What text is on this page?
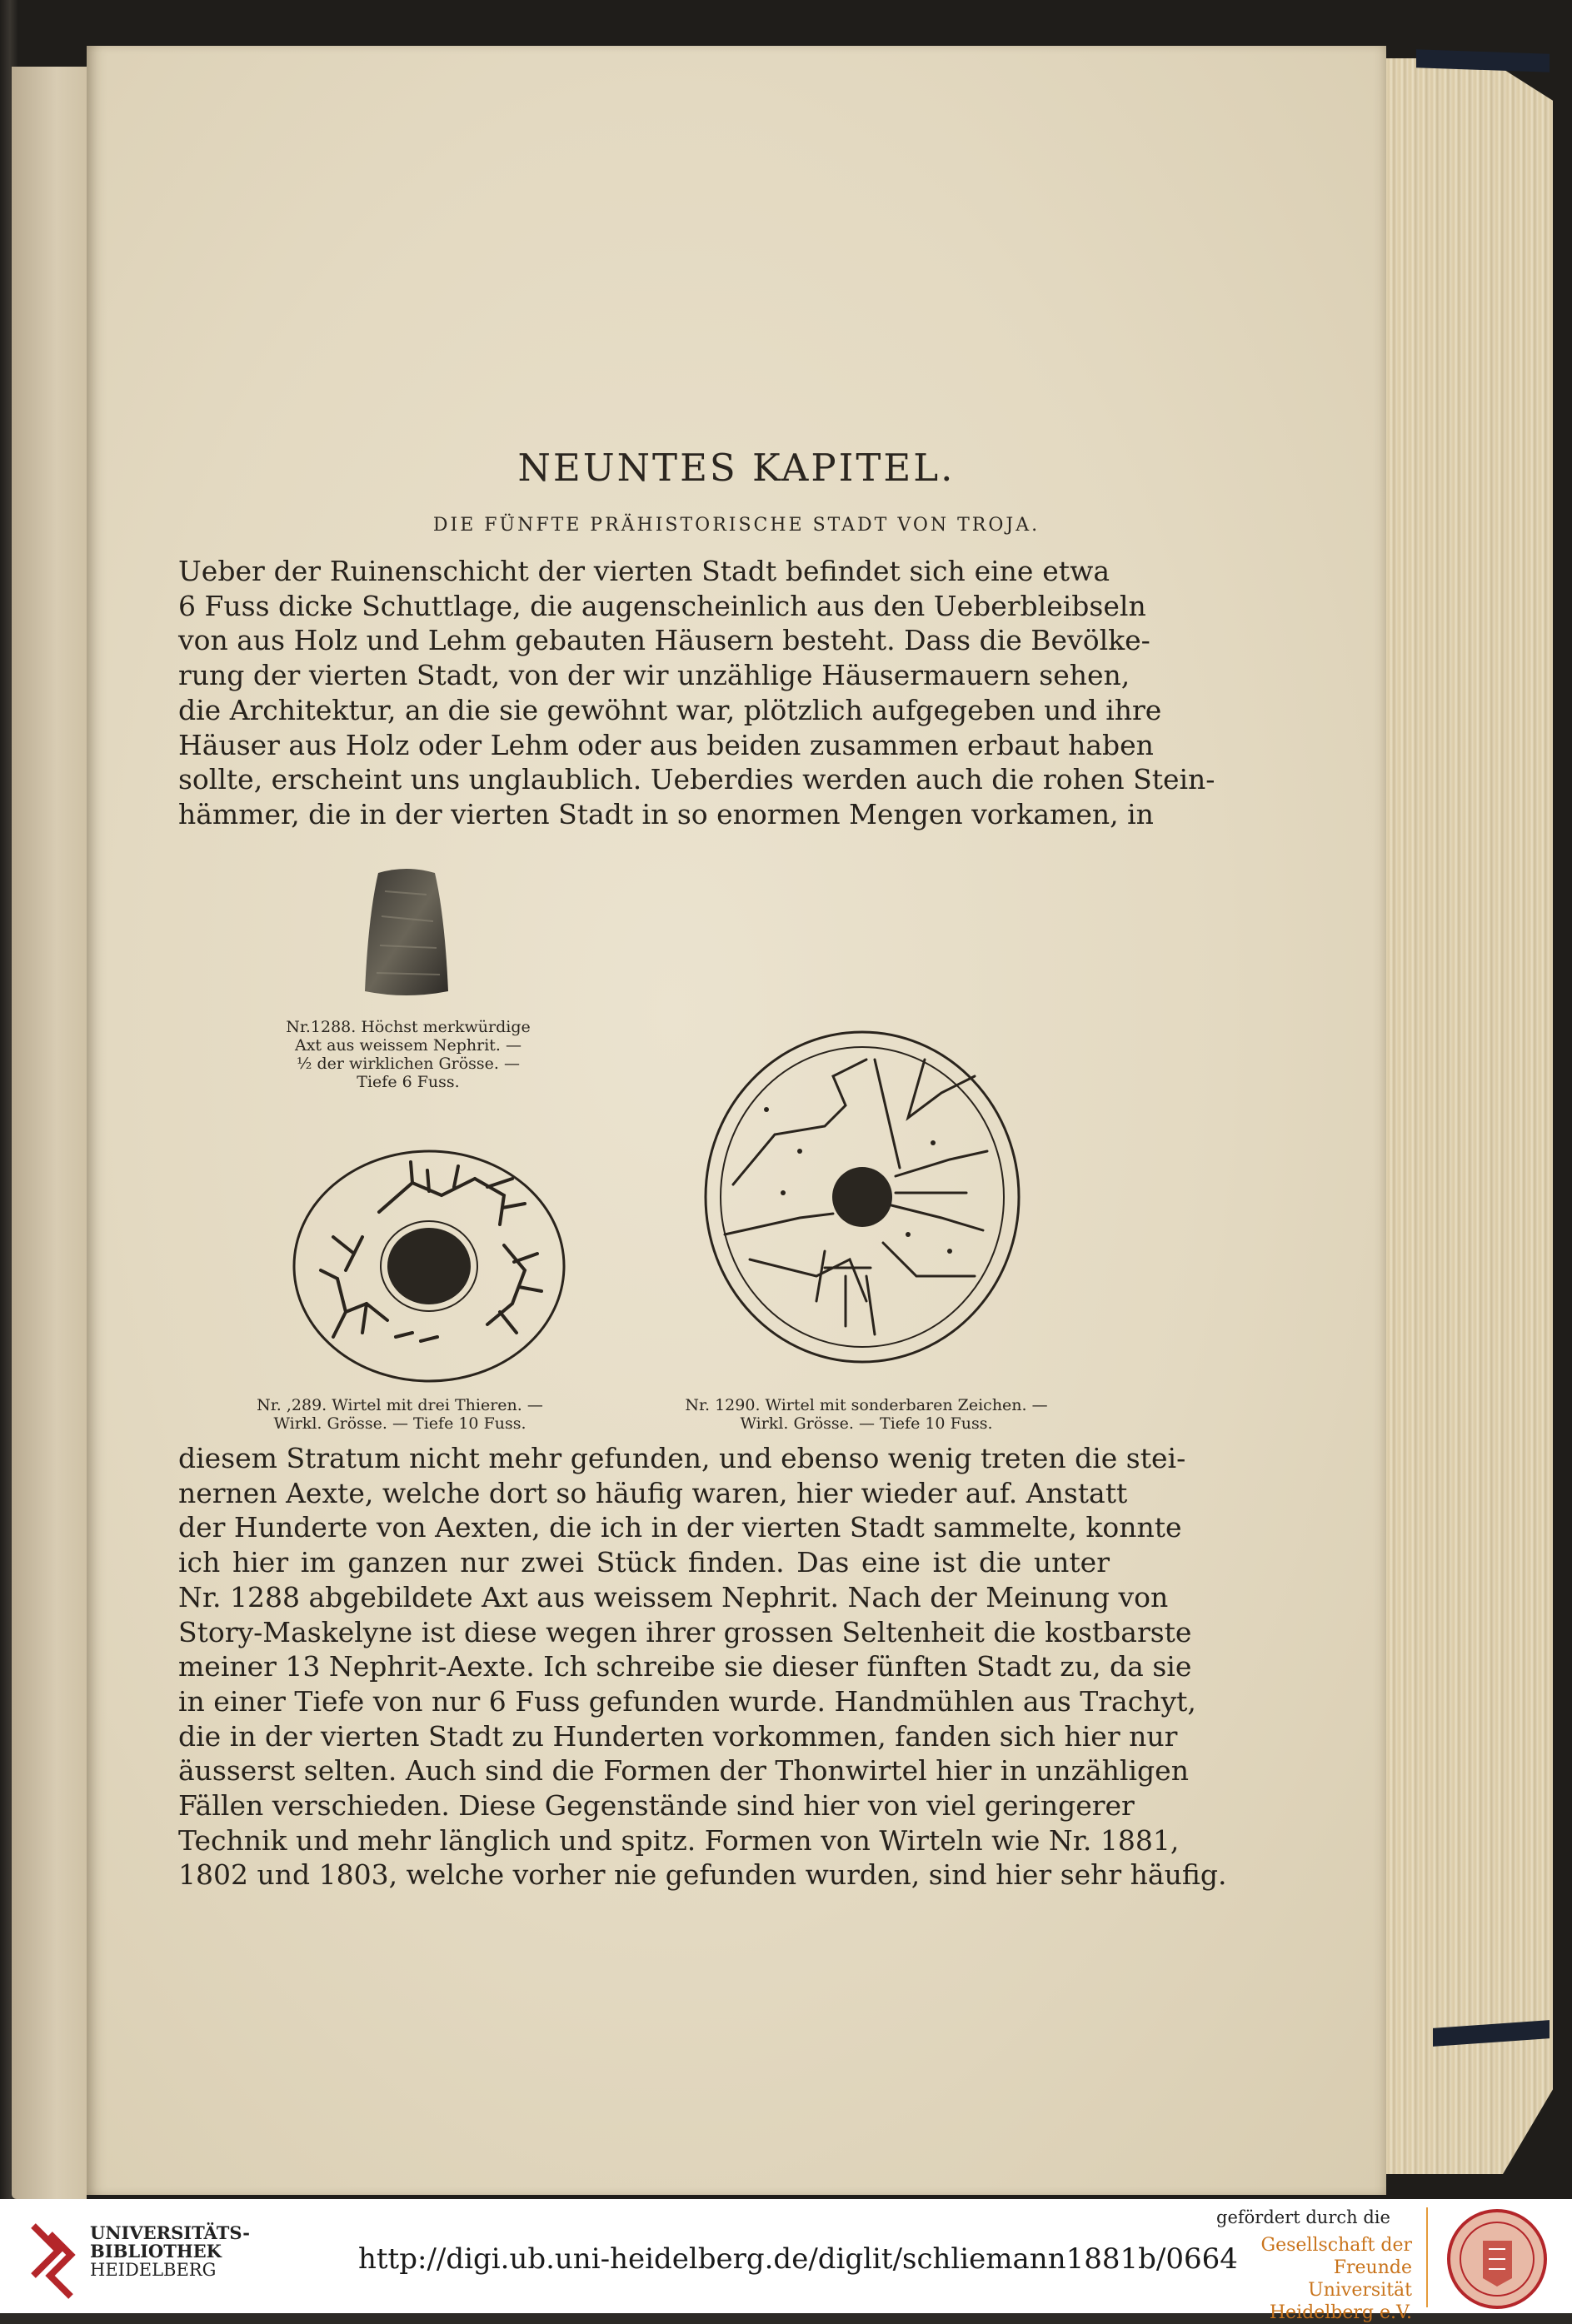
NEUNTES KAPITEL.
DIE FÜNFTE PRÄHISTORISCHE STADT VON TROJA.
Ueber der Ruinenschicht der vierten Stadt befindet sich eine etwa
6 Fuss dicke Schuttlage, die augenscheinlich aus den Ueberbleibseln
von aus Holz und Lehm gebauten Häusern besteht. Dass die Bevölke-
rung der vierten Stadt, von der wir unzählige Häusermauern sehen,
die Architektur, an die sie gewöhnt war, plötzlich aufgegeben und ihre
Häuser aus Holz oder Lehm oder aus beiden zusammen erbaut haben
sollte, erscheint uns unglaublich. Ueberdies werden auch die rohen Stein-
hämmer, die in der vierten Stadt in so enormen Mengen vorkamen, in
Nr.1288. Höchst merkwürdige
Axt aus weissem Nephrit. —
½ der wirklichen Grösse. —
Tiefe 6 Fuss.
Nr. ,289. Wirtel mit drei Thieren. —
Wirkl. Grösse. — Tiefe 10 Fuss.
Nr. 1290. Wirtel mit sonderbaren Zeichen. —
Wirkl. Grösse. — Tiefe 10 Fuss.
diesem Stratum nicht mehr gefunden, und ebenso wenig treten die stei-
nernen Aexte, welche dort so häufig waren, hier wieder auf. Anstatt
der Hunderte von Aexten, die ich in der vierten Stadt sammelte, konnte
ich hier im ganzen nur zwei Stück finden. Das eine ist die unter
Nr. 1288 abgebildete Axt aus weissem Nephrit. Nach der Meinung von
Story-Maskelyne ist diese wegen ihrer grossen Seltenheit die kostbarste
meiner 13 Nephrit-Aexte. Ich schreibe sie dieser fünften Stadt zu, da sie
in einer Tiefe von nur 6 Fuss gefunden wurde. Handmühlen aus Trachyt,
die in der vierten Stadt zu Hunderten vorkommen, fanden sich hier nur
äusserst selten. Auch sind die Formen der Thonwirtel hier in unzähligen
Fällen verschieden. Diese Gegenstände sind hier von viel geringerer
Technik und mehr länglich und spitz. Formen von Wirteln wie Nr. 1881,
1802 und 1803, welche vorher nie gefunden wurden, sind hier sehr häufig.
UNIVERSITÄTS-
BIBLIOTHEK
HEIDELBERG	http://digi.ub.uni-heidelberg.de/diglit/schliemann1881b/0664
gefördert durch die
Gesellschaft der Freunde
Universität Heidelberg e.V.
